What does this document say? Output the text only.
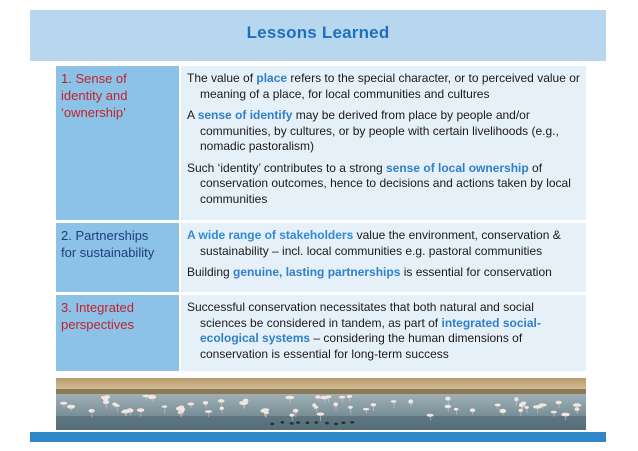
Lessons Learned
1. Sense of identity and ‘ownership’
The value of place refers to the special character, or to perceived value or meaning of a place, for local communities and cultures
A sense of identify may be derived from place by people and/or communities, by cultures, or by people with certain livelihoods (e.g., nomadic pastoralism)
Such ‘identity’ contributes to a strong sense of local ownership of conservation outcomes, hence to decisions and actions taken by local communities
2. Partnerships
for sustainability
A wide range of stakeholders value the environment, conservation & sustainability – incl. local communities e.g. pastoral communities
Building genuine, lasting partnerships is essential for conservation
3. Integrated
perspectives
Successful conservation necessitates that both natural and social sciences be considered in tandem, as part of integrated social-ecological systems – considering the human dimensions of conservation is essential for long-term success
